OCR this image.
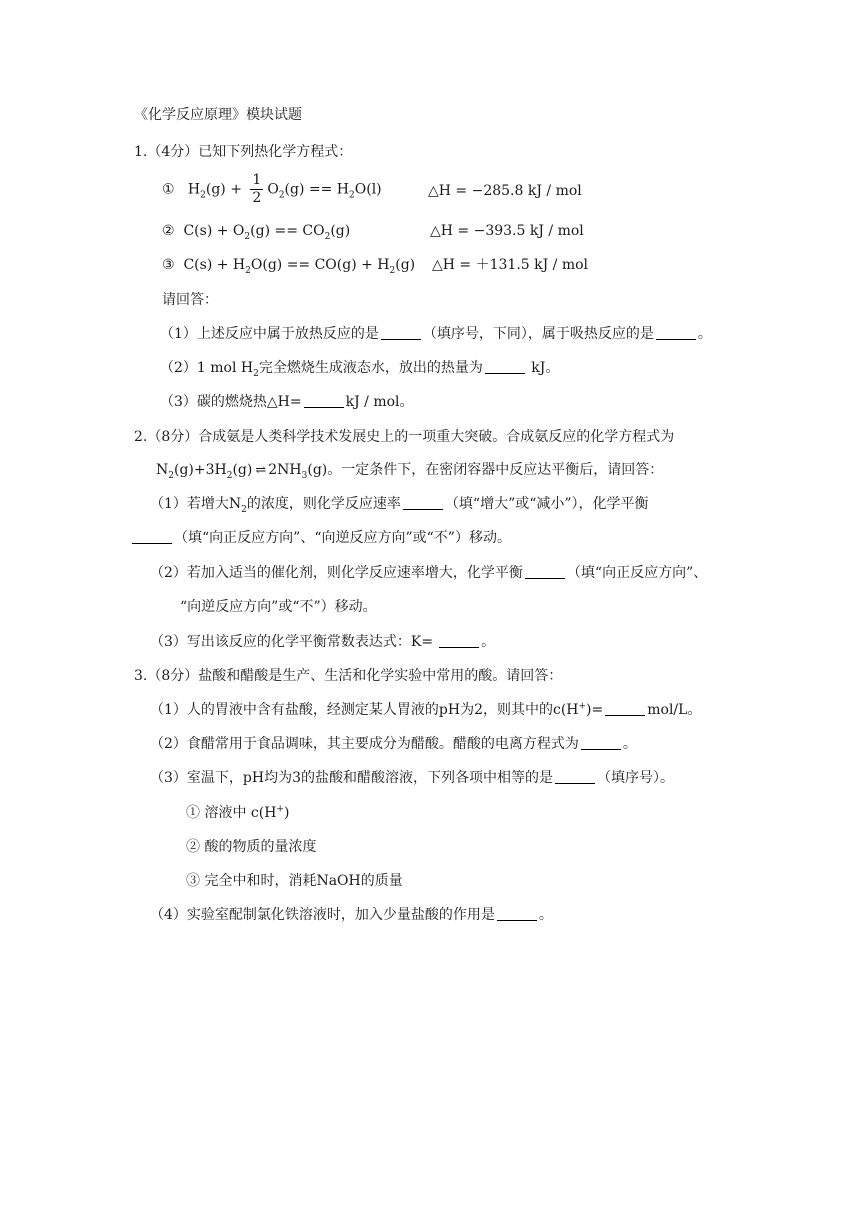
《化学反应原理》模块试题
1.（4分）已知下列热化学方程式：
① $H_2(g) + \frac{1}{2} O_2(g) == H_2O(l)$	△H = −285.8 kJ / mol
② $C(s) + O_2(g) == CO_2(g)$	△H = −393.5 kJ / mol
③ $C(s) + H_2O(g) == CO(g) + H_2(g)$ △H = ＋131.5 kJ / mol
请回答：
（1）上述反应中属于放热反应的是	（填序号，下同），属于吸热反应的是	。
（2）1 mol $H_2$完全燃烧生成液态水，放出的热量为	kJ。
（3）碳的燃烧热△H=	kJ / mol。
2.（8分）合成氨是人类科学技术发展史上的一项重大突破。合成氨反应的化学方程式为
$N_2(g)+3H_2(g)$ ⇌ $2NH_3(g)$。一定条件下，在密闭容器中反应达平衡后，请回答：
（1）若增大$N_2$的浓度，则化学反应速率	（填“增大”或“减小”），化学平衡
（填“向正反应方向”、“向逆反应方向”或“不”）移动。
（2）若加入适当的催化剂，则化学反应速率增大，化学平衡	（填“向正反应方向”、
“向逆反应方向”或“不”）移动。
（3）写出该反应的化学平衡常数表达式：K=	。
3.（8分）盐酸和醋酸是生产、生活和化学实验中常用的酸。请回答：
（1）人的胃液中含有盐酸，经测定某人胃液的pH为2，则其中的c(H+)=	mol/L。
（2）食醋常用于食品调味，其主要成分为醋酸。醋酸的电离方程式为	。
（3）室温下，pH均为3的盐酸和醋酸溶液，下列各项中相等的是	（填序号）。
① 溶液中 c(H+)
② 酸的物质的量浓度
③ 完全中和时，消耗NaOH的质量
（4）实验室配制氯化铁溶液时，加入少量盐酸的作用是	。
